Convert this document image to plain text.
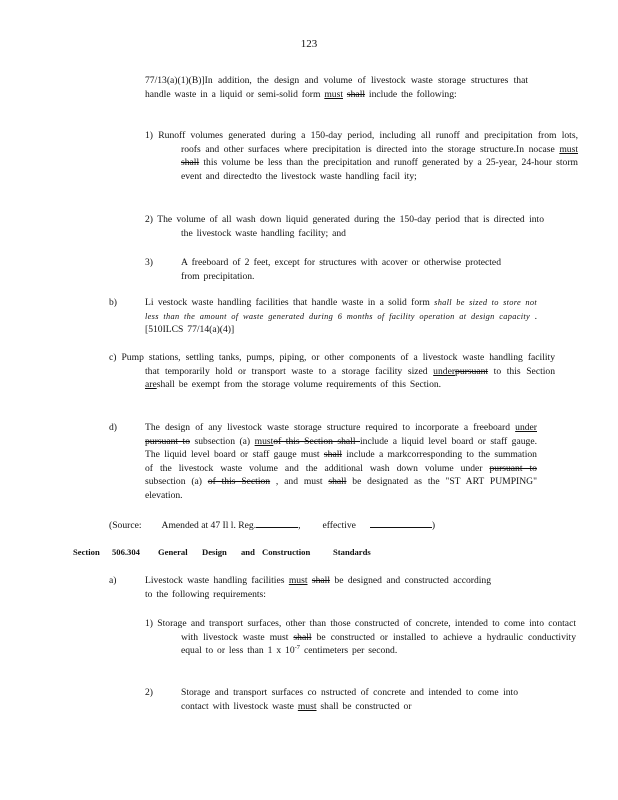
123

77/13(a)(1)(B)]In addition, the design and volume of livestock waste storage structures that handle waste in a liquid or semi-solid form must shall include the following:

1) Runoff volumes generated during a 150-day period, including all runoff and precipitation from lots, roofs and other surfaces where precipitation is directed into the storage structure.In nocase must shall this volume be less than the precipitation and runoff generated by a 25-year, 24-hour storm event and directedto the livestock waste handling facil ity;

2) The volume of all wash down liquid generated during the 150-day period that is directed into the livestock waste handling facility; and

3)	A freeboard of 2 feet, except for structures with acover or otherwise protected from precipitation.

b)	Li vestock waste handling facilities that handle waste in a solid form shall be sized to store not less than the amount of waste generated during 6 months of facility operation at design capacity . [510ILCS 77/14(a)(4)]

c) Pump stations, settling tanks, pumps, piping, or other components of a livestock waste handling facility that temporarily hold or transport waste to a storage facility sized underpursuant to this Section areshall be exempt from the storage volume requirements of this Section.

d)	The design of any livestock waste storage structure required to incorporate a freeboard under pursuant to subsection (a) mustof this Section shall include a liquid level board or staff gauge. The liquid level board or staff gauge must shall include a markcorresponding to the summation of the livestock waste volume and the additional wash down volume under pursuant to subsection (a) of this Section , and must shall be designated as the "ST ART PUMPING" elevation.

(Source: Amended at 47 Il l. Reg.	, effective	)
Section 506.304 General Design and Construction	Standards
a)	Livestock waste handling facilities must shall be designed and constructed according to the following requirements:

1) Storage and transport surfaces, other than those constructed of concrete, intended to come into contact with livestock waste must shall be constructed or installed to achieve a hydraulic conductivity equal to or less than 1 x $10^{-7}$ centimeters per second.

2)	Storage and transport surfaces co nstructed of concrete and intended to come into contact with livestock waste must shall be constructed or
